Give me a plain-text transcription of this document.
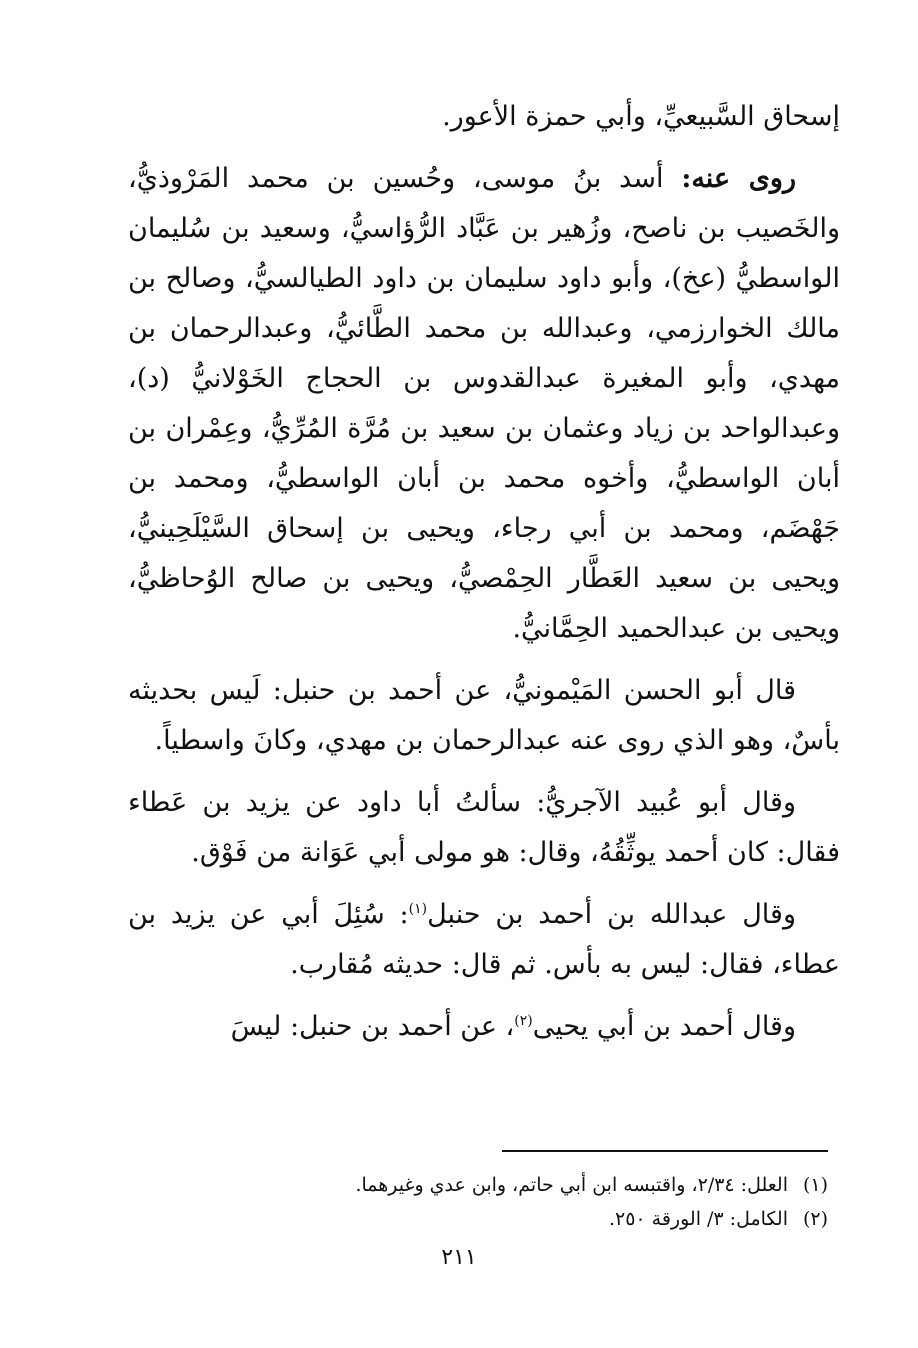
إسحاق السَّبيعيِّ، وأبي حمزة الأعور.

روى عنه: أسد بنُ موسى، وحُسين بن محمد المَرْوذيُّ، والخَصيب بن ناصح، وزُهير بن عَبَّاد الرُّؤاسيُّ، وسعيد بن سُليمان الواسطيُّ (عخ)، وأبو داود سليمان بن داود الطيالسيُّ، وصالح بن مالك الخوارزمي، وعبدالله بن محمد الطَّائيُّ، وعبدالرحمان بن مهدي، وأبو المغيرة عبدالقدوس بن الحجاج الخَوْلانيُّ (د)، وعبدالواحد بن زياد وعثمان بن سعيد بن مُرَّة المُرِّيُّ، وعِمْران بن أبان الواسطيُّ، وأخوه محمد بن أبان الواسطيُّ، ومحمد بن جَهْضَم، ومحمد بن أبي رجاء، ويحيى بن إسحاق السَّيْلَحِينيُّ، ويحيى بن سعيد العَطَّار الحِمْصيُّ، ويحيى بن صالح الوُحاظيُّ، ويحيى بن عبدالحميد الحِمَّانيُّ.

قال أبو الحسن المَيْمونيُّ، عن أحمد بن حنبل: لَيس بحديثه بأسٌ، وهو الذي روى عنه عبدالرحمان بن مهدي، وكانَ واسطياً.

وقال أبو عُبيد الآجريُّ: سألتُ أبا داود عن يزيد بن عَطاء فقال: كان أحمد يوثِّقُهُ، وقال: هو مولى أبي عَوَانة من فَوْق.

وقال عبدالله بن أحمد بن حنبل$^{(١)}$: سُئِلَ أبي عن يزيد بن عطاء، فقال: ليس به بأس. ثم قال: حديثه مُقارب.

وقال أحمد بن أبي يحيى$^{(٢)}$، عن أحمد بن حنبل: ليسَ

(١)العلل: ٢/٣٤، واقتبسه ابن أبي حاتم، وابن عدي وغيرهما.

(٢)الكامل: ٣/ الورقة ٢٥٠.

٢١١
